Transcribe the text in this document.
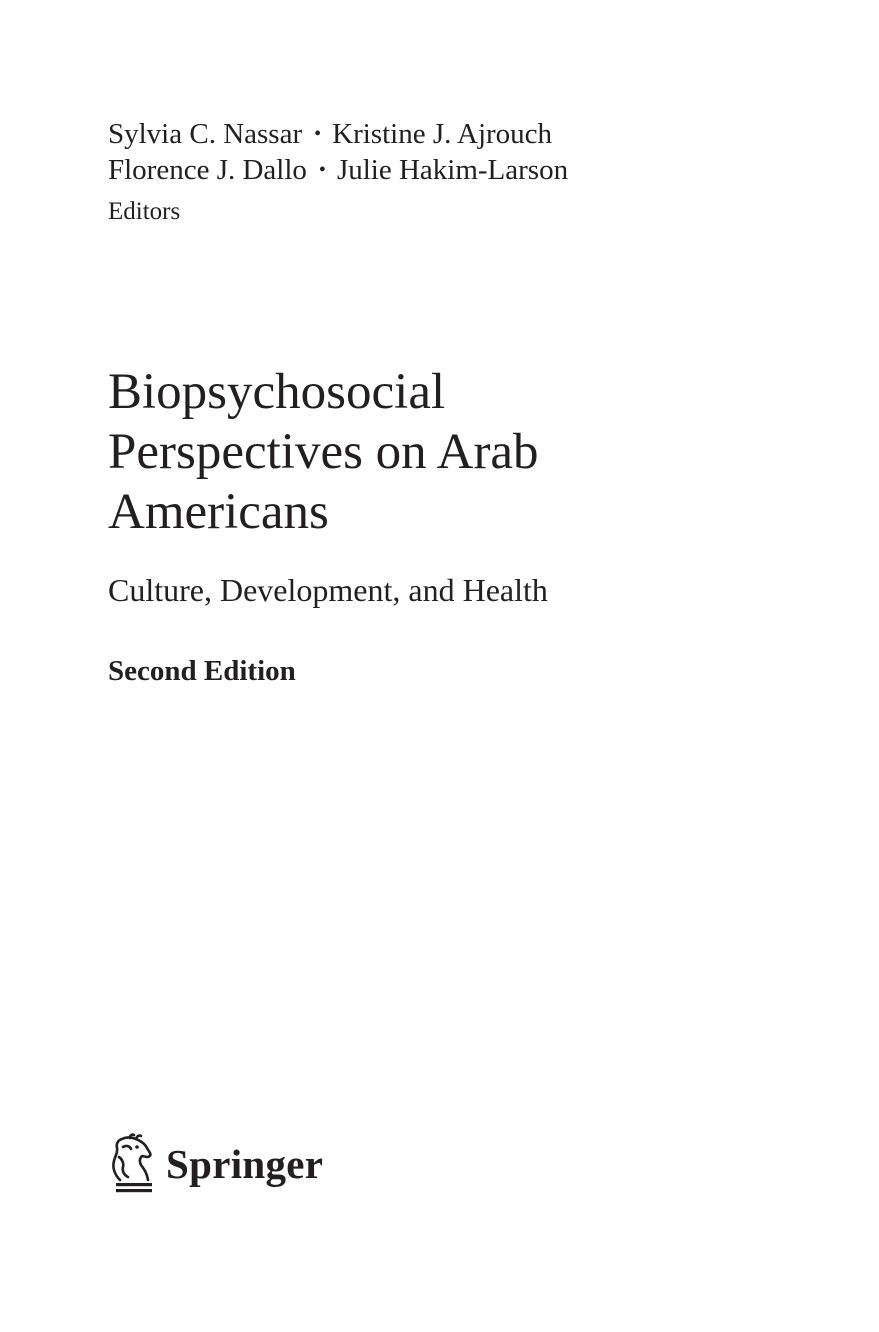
Sylvia C. Nassar • Kristine J. Ajrouch
Florence J. Dallo • Julie Hakim-Larson
Editors
Biopsychosocial
Perspectives on Arab
Americans
Culture, Development, and Health
Second Edition
Springer
